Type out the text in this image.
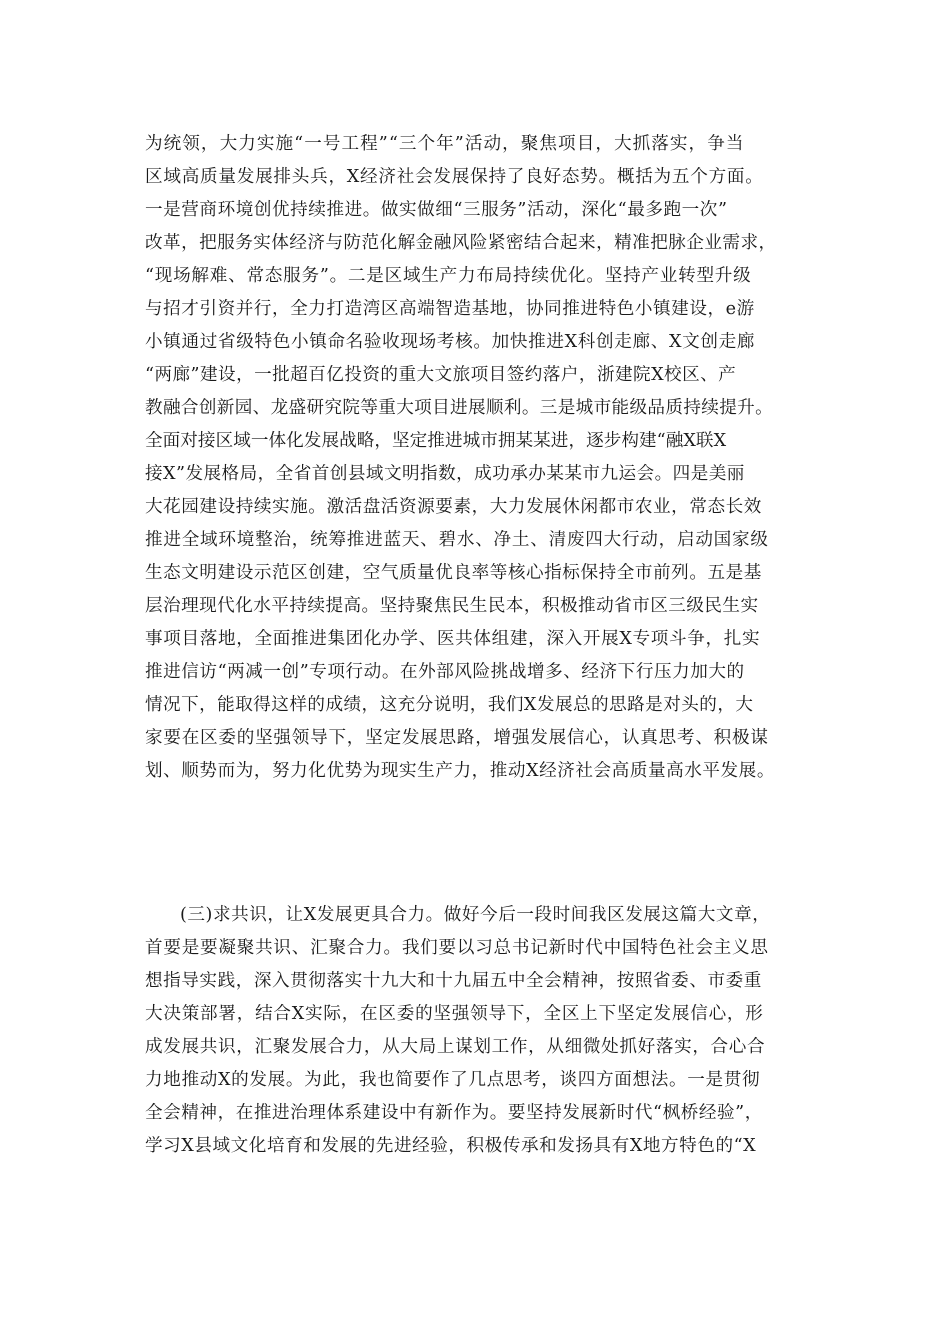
为统领，大力实施“一号工程”“三个年”活动，聚焦项目，大抓落实，争当
区域高质量发展排头兵，X经济社会发展保持了良好态势。概括为五个方面。
一是营商环境创优持续推进。做实做细“三服务”活动，深化“最多跑一次”
改革，把服务实体经济与防范化解金融风险紧密结合起来，精准把脉企业需求，
“现场解难、常态服务”。二是区域生产力布局持续优化。坚持产业转型升级
与招才引资并行，全力打造湾区高端智造基地，协同推进特色小镇建设，e游
小镇通过省级特色小镇命名验收现场考核。加快推进X科创走廊、X文创走廊
“两廊”建设，一批超百亿投资的重大文旅项目签约落户，浙建院X校区、产
教融合创新园、龙盛研究院等重大项目进展顺利。三是城市能级品质持续提升。
全面对接区域一体化发展战略，坚定推进城市拥某某进，逐步构建“融X联X
接X”发展格局，全省首创县域文明指数，成功承办某某市九运会。四是美丽
大花园建设持续实施。激活盘活资源要素，大力发展休闲都市农业，常态长效
推进全域环境整治，统筹推进蓝天、碧水、净土、清废四大行动，启动国家级
生态文明建设示范区创建，空气质量优良率等核心指标保持全市前列。五是基
层治理现代化水平持续提高。坚持聚焦民生民本，积极推动省市区三级民生实
事项目落地，全面推进集团化办学、医共体组建，深入开展X专项斗争，扎实
推进信访“两减一创”专项行动。在外部风险挑战增多、经济下行压力加大的
情况下，能取得这样的成绩，这充分说明，我们X发展总的思路是对头的，大
家要在区委的坚强领导下，坚定发展思路，增强发展信心，认真思考、积极谋
划、顺势而为，努力化优势为现实生产力，推动X经济社会高质量高水平发展。
(三)求共识，让X发展更具合力。做好今后一段时间我区发展这篇大文章，
首要是要凝聚共识、汇聚合力。我们要以习总书记新时代中国特色社会主义思
想指导实践，深入贯彻落实十九大和十九届五中全会精神，按照省委、市委重
大决策部署，结合X实际，在区委的坚强领导下，全区上下坚定发展信心，形
成发展共识，汇聚发展合力，从大局上谋划工作，从细微处抓好落实，合心合
力地推动X的发展。为此，我也简要作了几点思考，谈四方面想法。一是贯彻
全会精神，在推进治理体系建设中有新作为。要坚持发展新时代“枫桥经验”，
学习X县域文化培育和发展的先进经验，积极传承和发扬具有X地方特色的“X
